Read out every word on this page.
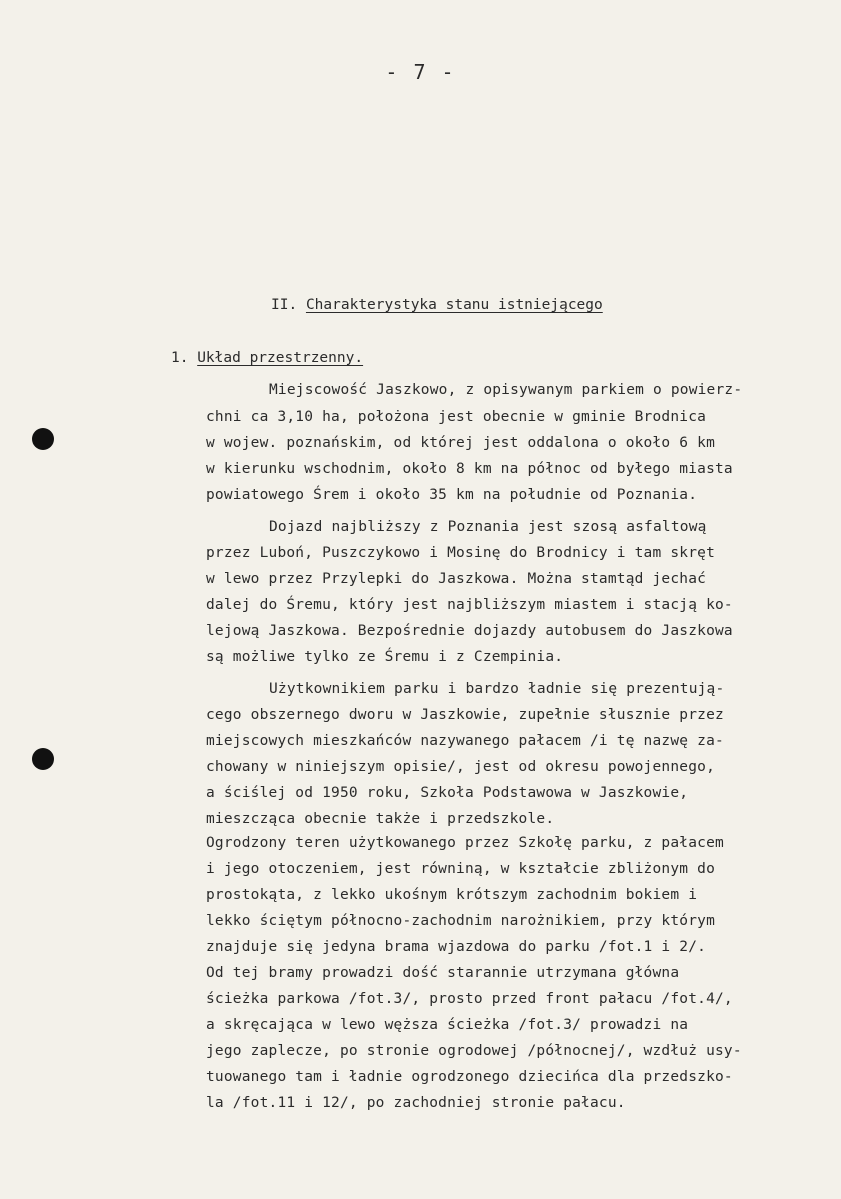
- 7 -
II. Charakterystyka stanu istniejącego
1. Układ przestrzenny.
Miejscowość Jaszkowo, z opisywanym parkiem o powierz-
chni ca 3,10 ha, położona jest obecnie w gminie Brodnica
w wojew. poznańskim, od której jest oddalona o około 6 km
w kierunku wschodnim, około 8 km na północ od byłego miasta
powiatowego Śrem i około 35 km na południe od Poznania.
Dojazd najbliższy z Poznania jest szosą asfaltową
przez Luboń, Puszczykowo i Mosinę do Brodnicy i tam skręt
w lewo przez Przylepki do Jaszkowa. Można stamtąd jechać
dalej do Śremu, który jest najbliższym miastem i stacją ko-
lejową Jaszkowa. Bezpośrednie dojazdy autobusem do Jaszkowa
są możliwe tylko ze Śremu i z Czempinia.
Użytkownikiem parku i bardzo ładnie się prezentują-
cego obszernego dworu w Jaszkowie, zupełnie słusznie przez
miejscowych mieszkańców nazywanego pałacem /i tę nazwę za-
chowany w niniejszym opisie/, jest od okresu powojennego,
a ściślej od 1950 roku, Szkoła Podstawowa w Jaszkowie,
mieszcząca obecnie także i przedszkole.
Ogrodzony teren użytkowanego przez Szkołę parku, z pałacem
i jego otoczeniem, jest równiną, w kształcie zbliżonym do
prostokąta, z lekko ukośnym krótszym zachodnim bokiem i
lekko ściętym północno-zachodnim narożnikiem, przy którym
znajduje się jedyna brama wjazdowa do parku /fot.1 i 2/.
Od tej bramy prowadzi dość starannie utrzymana główna
ścieżka parkowa /fot.3/, prosto przed front pałacu /fot.4/,
a skręcająca w lewo węższa ścieżka /fot.3/ prowadzi na
jego zaplecze, po stronie ogrodowej /północnej/, wzdłuż usy-
tuowanego tam i ładnie ogrodzonego dziecińca dla przedszko-
la /fot.11 i 12/, po zachodniej stronie pałacu.
